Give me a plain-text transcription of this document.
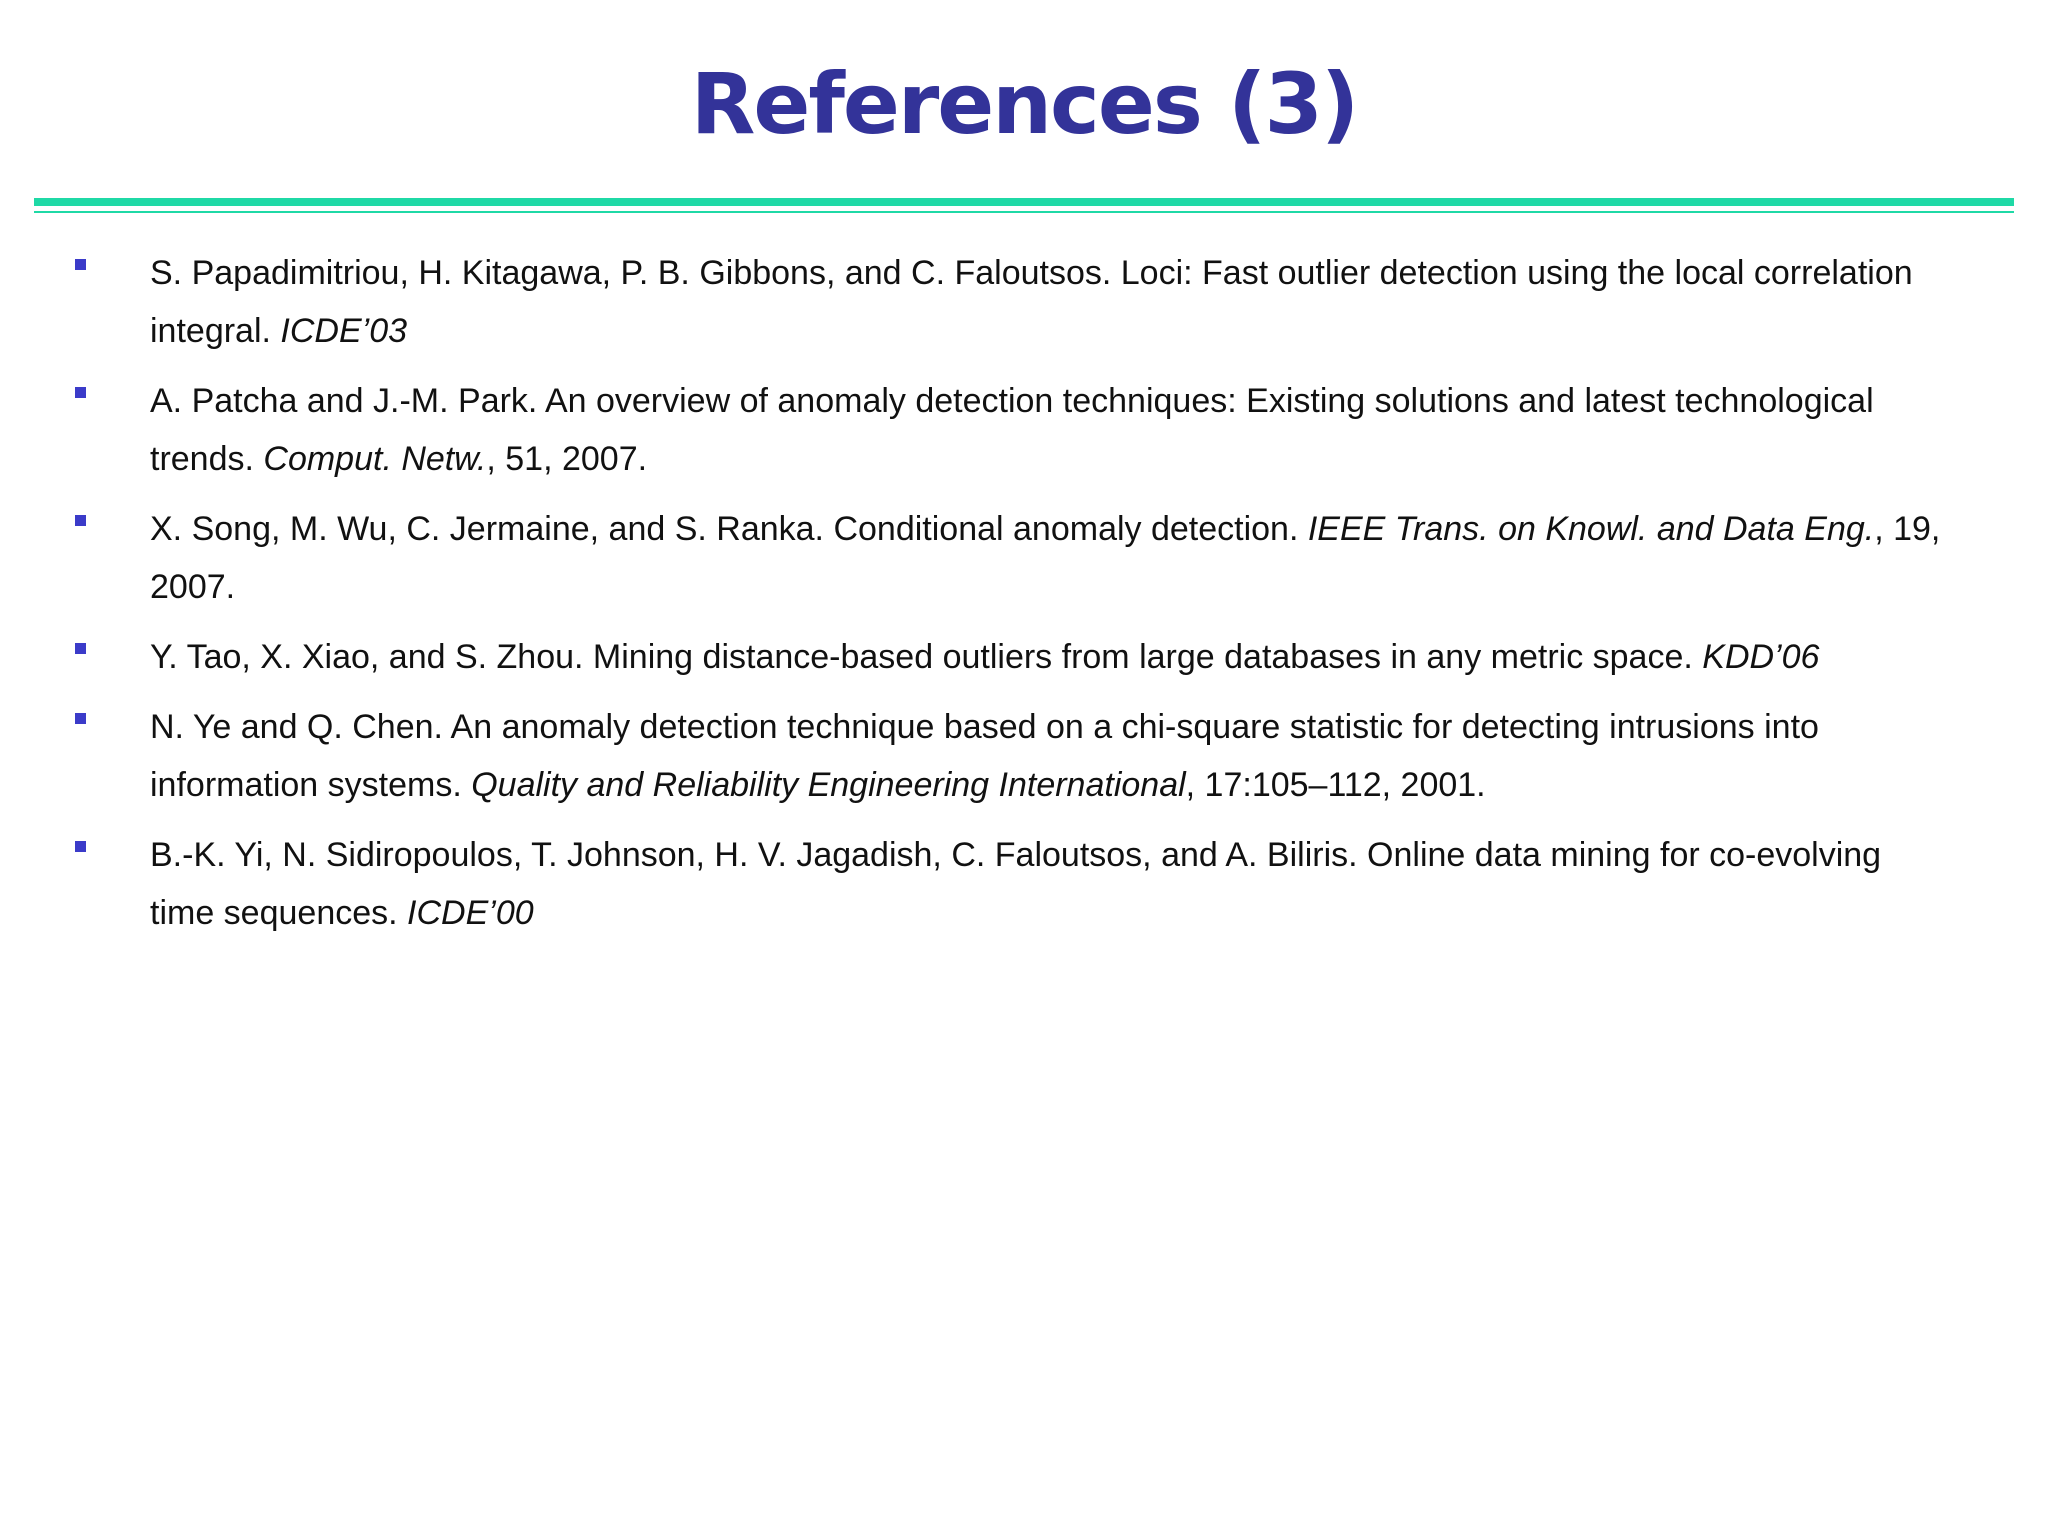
References (3)
S. Papadimitriou, H. Kitagawa, P. B. Gibbons, and C. Faloutsos. Loci: Fast outlier detection using the local correlation integral. ICDE’03
A. Patcha and J.-M. Park. An overview of anomaly detection techniques: Existing solutions and latest technological trends. Comput. Netw., 51, 2007.
X. Song, M. Wu, C. Jermaine, and S. Ranka. Conditional anomaly detection. IEEE Trans. on Knowl. and Data Eng., 19, 2007.
Y. Tao, X. Xiao, and S. Zhou. Mining distance-based outliers from large databases in any metric space. KDD’06
N. Ye and Q. Chen. An anomaly detection technique based on a chi-square statistic for detecting intrusions into information systems. Quality and Reliability Engineering International, 17:105–112, 2001.
B.-K. Yi, N. Sidiropoulos, T. Johnson, H. V. Jagadish, C. Faloutsos, and A. Biliris. Online data mining for co-evolving time sequences. ICDE’00
